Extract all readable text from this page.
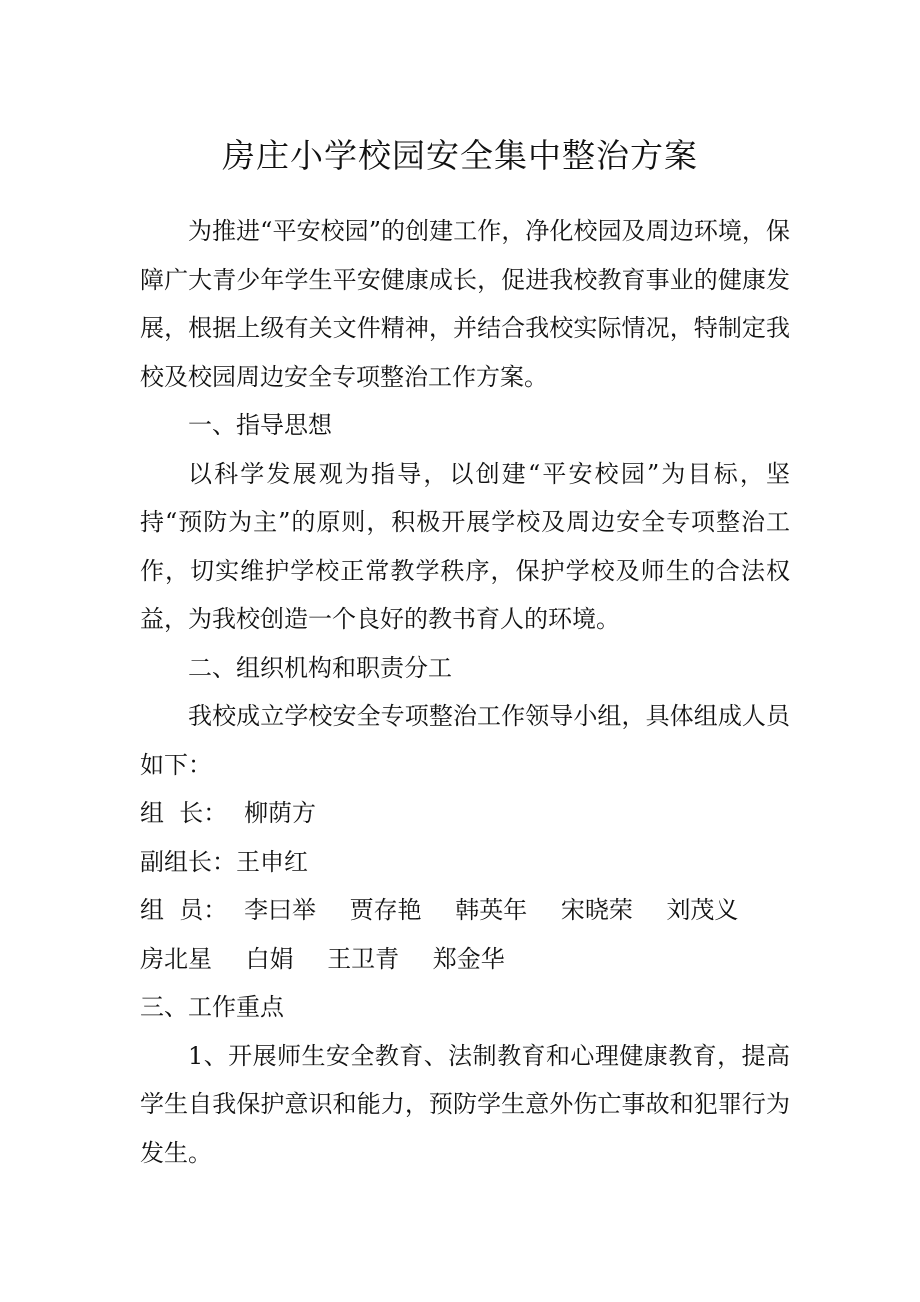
房庄小学校园安全集中整治方案

为推进“平安校园”的创建工作，净化校园及周边环境，保障广大青少年学生平安健康成长，促进我校教育事业的健康发展，根据上级有关文件精神，并结合我校实际情况，特制定我校及校园周边安全专项整治工作方案。

一、指导思想

以科学发展观为指导，以创建“平安校园”为目标，坚持“预防为主”的原则，积极开展学校及周边安全专项整治工作，切实维护学校正常教学秩序，保护学校及师生的合法权益，为我校创造一个良好的教书育人的环境。

二、组织机构和职责分工

我校成立学校安全专项整治工作领导小组，具体组成人员如下：

组  长： 柳荫方

副组长：王申红

组  员： 李曰举 贾存艳 韩英年 宋晓荣 刘茂义房北星 白娟 王卫青 郑金华

三、工作重点

1、开展师生安全教育、法制教育和心理健康教育，提高学生自我保护意识和能力，预防学生意外伤亡事故和犯罪行为发生。
